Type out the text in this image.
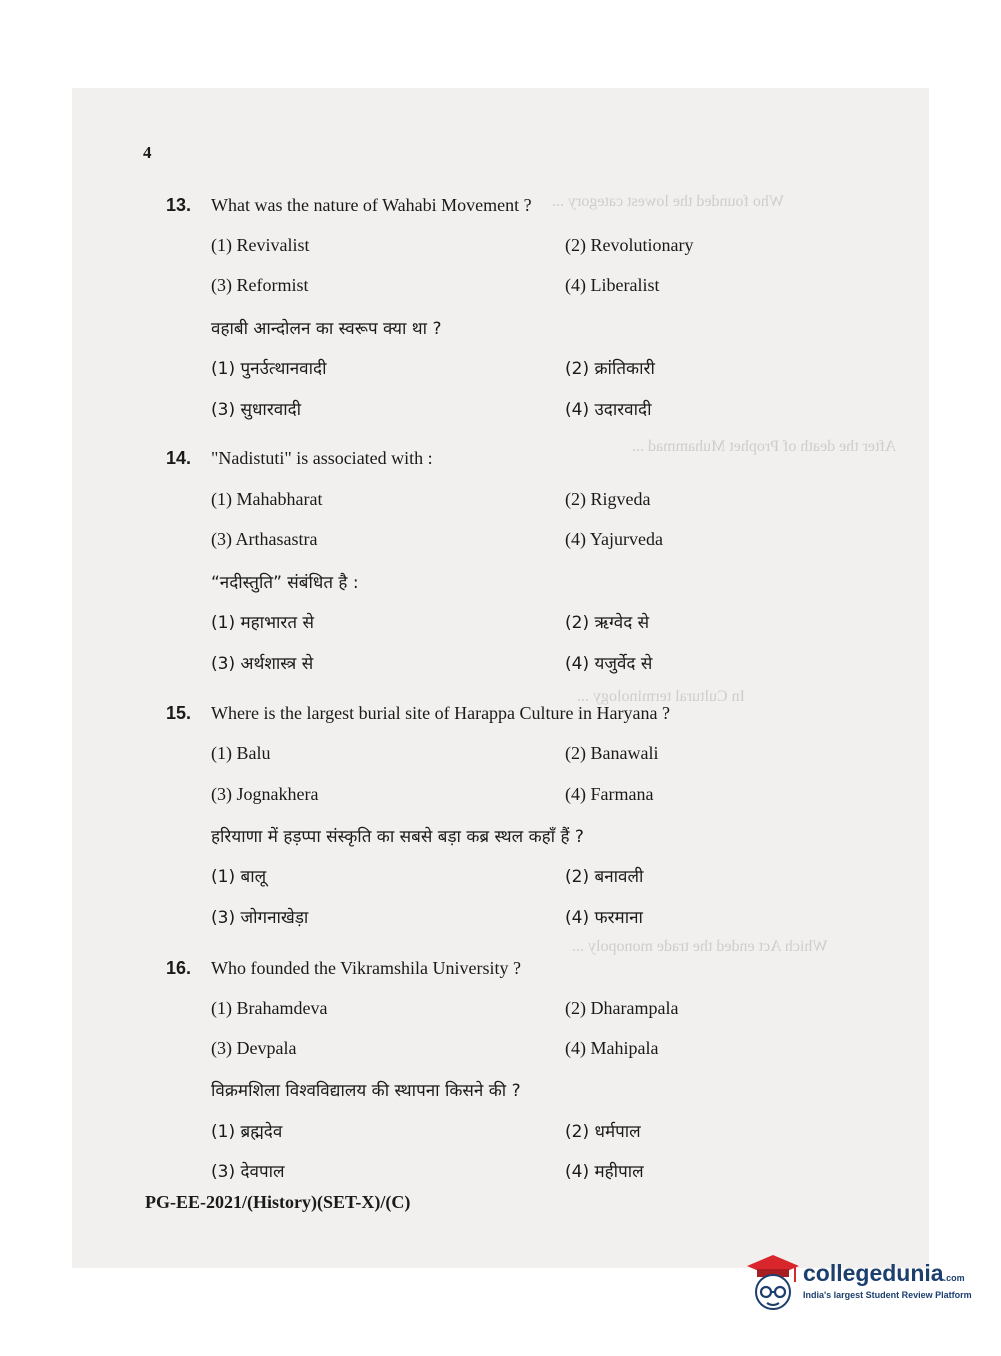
Who founded the lowest category ...
After the death of Prophet Muhammad ...
In Cultural terminology ...
Which Act ended the trade monopoly ...
4
13. What was the nature of Wahabi Movement ?
(1) Revivalist	(2) Revolutionary
(3) Reformist	(4) Liberalist
वहाबी आन्दोलन का स्वरूप क्या था ?
(1) पुनर्उत्थानवादी	(2) क्रांतिकारी
(3) सुधारवादी	(4) उदारवादी
14. "Nadistuti" is associated with :
(1) Mahabharat	(2) Rigveda
(3) Arthasastra	(4) Yajurveda
“नदीस्तुति” संबंधित है :
(1) महाभारत से	(2) ऋग्वेद से
(3) अर्थशास्त्र से	(4) यजुर्वेद से
15. Where is the largest burial site of Harappa Culture in Haryana ?
(1) Balu	(2) Banawali
(3) Jognakhera	(4) Farmana
हरियाणा में हड़प्पा संस्कृति का सबसे बड़ा कब्र स्थल कहाँ हैं ?
(1) बालू	(2) बनावली
(3) जोगनाखेड़ा	(4) फरमाना
16. Who founded the Vikramshila University ?
(1) Brahamdeva	(2) Dharampala
(3) Devpala	(4) Mahipala
विक्रमशिला विश्वविद्यालय की स्थापना किसने की ?
(1) ब्रह्मदेव	(2) धर्मपाल
(3) देवपाल	(4) महीपाल
PG-EE-2021/(History)(SET-X)/(C)
collegedunia.com
India's largest Student Review Platform
